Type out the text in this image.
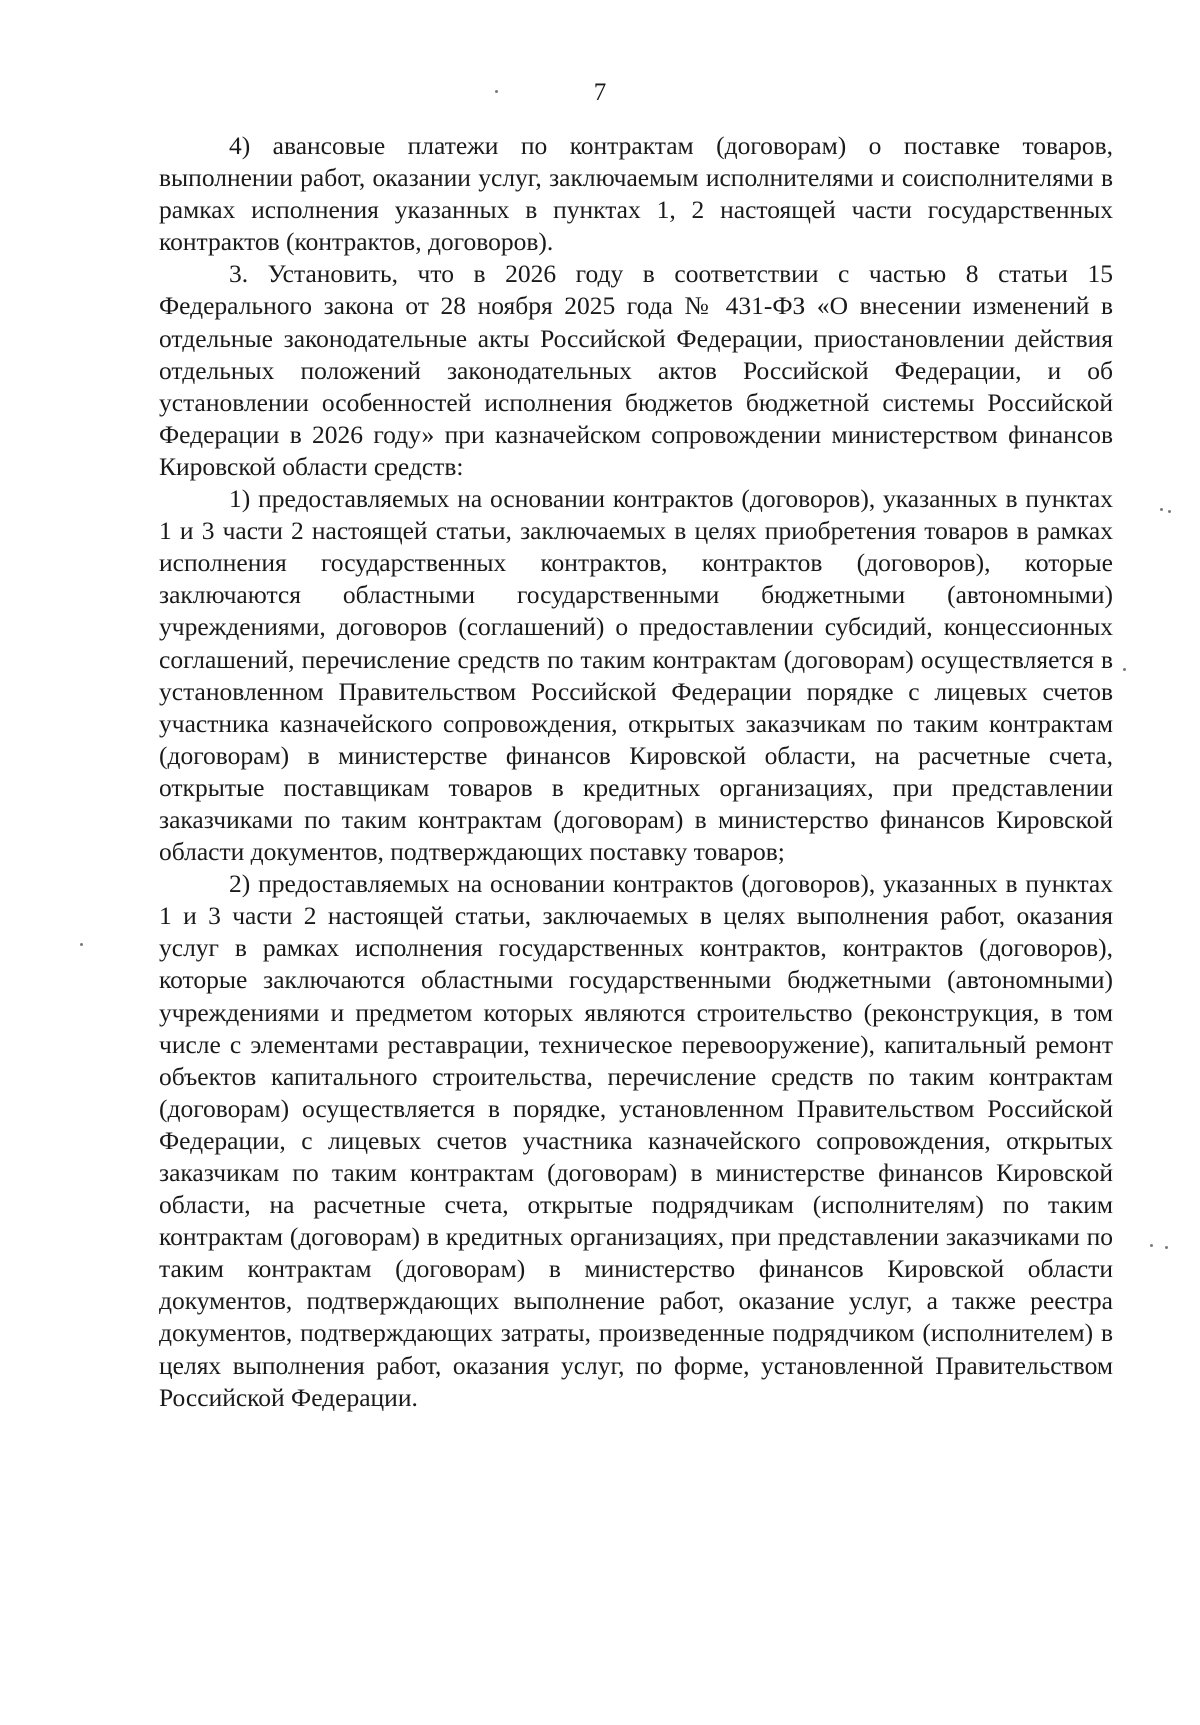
7

4) авансовые платежи по контрактам (договорам) о поставке товаров, выполнении работ, оказании услуг, заключаемым исполнителями и соисполнителями в рамках исполнения указанных в пунктах 1, 2 настоящей части государственных контрактов (контрактов, договоров).

3. Установить, что в 2026 году в соответствии с частью 8 статьи 15 Федерального закона от 28 ноября 2025 года № 431-ФЗ «О внесении изменений в отдельные законодательные акты Российской Федерации, приостановлении действия отдельных положений законодательных актов Российской Федерации, и об установлении особенностей исполнения бюджетов бюджетной системы Российской Федерации в 2026 году» при казначейском сопровождении министерством финансов Кировской области средств:

1) предоставляемых на основании контрактов (договоров), указанных в пунктах 1 и 3 части 2 настоящей статьи, заключаемых в целях приобретения товаров в рамках исполнения государственных контрактов, контрактов (договоров), которые заключаются областными государственными бюджетными (автономными) учреждениями, договоров (соглашений) о предоставлении субсидий, концессионных соглашений, перечисление средств по таким контрактам (договорам) осуществляется в установленном Правительством Российской Федерации порядке с лицевых счетов участника казначейского сопровождения, открытых заказчикам по таким контрактам (договорам) в министерстве финансов Кировской области, на расчетные счета, открытые поставщикам товаров в кредитных организациях, при представлении заказчиками по таким контрактам (договорам) в министерство финансов Кировской области документов, подтверждающих поставку товаров;

2) предоставляемых на основании контрактов (договоров), указанных в пунктах 1 и 3 части 2 настоящей статьи, заключаемых в целях выполнения работ, оказания услуг в рамках исполнения государственных контрактов, контрактов (договоров), которые заключаются областными государственными бюджетными (автономными) учреждениями и предметом которых являются строительство (реконструкция, в том числе с элементами реставрации, техническое перевооружение), капитальный ремонт объектов капитального строительства, перечисление средств по таким контрактам (договорам) осуществляется в порядке, установленном Правительством Российской Федерации, с лицевых счетов участника казначейского сопровождения, открытых заказчикам по таким контрактам (договорам) в министерстве финансов Кировской области, на расчетные счета, открытые подрядчикам (исполнителям) по таким контрактам (договорам) в кредитных организациях, при представлении заказчиками по таким контрактам (договорам) в министерство финансов Кировской области документов, подтверждающих выполнение работ, оказание услуг, а также реестра документов, подтверждающих затраты, произведенные подрядчиком (исполнителем) в целях выполнения работ, оказания услуг, по форме, установленной Правительством Российской Федерации.
